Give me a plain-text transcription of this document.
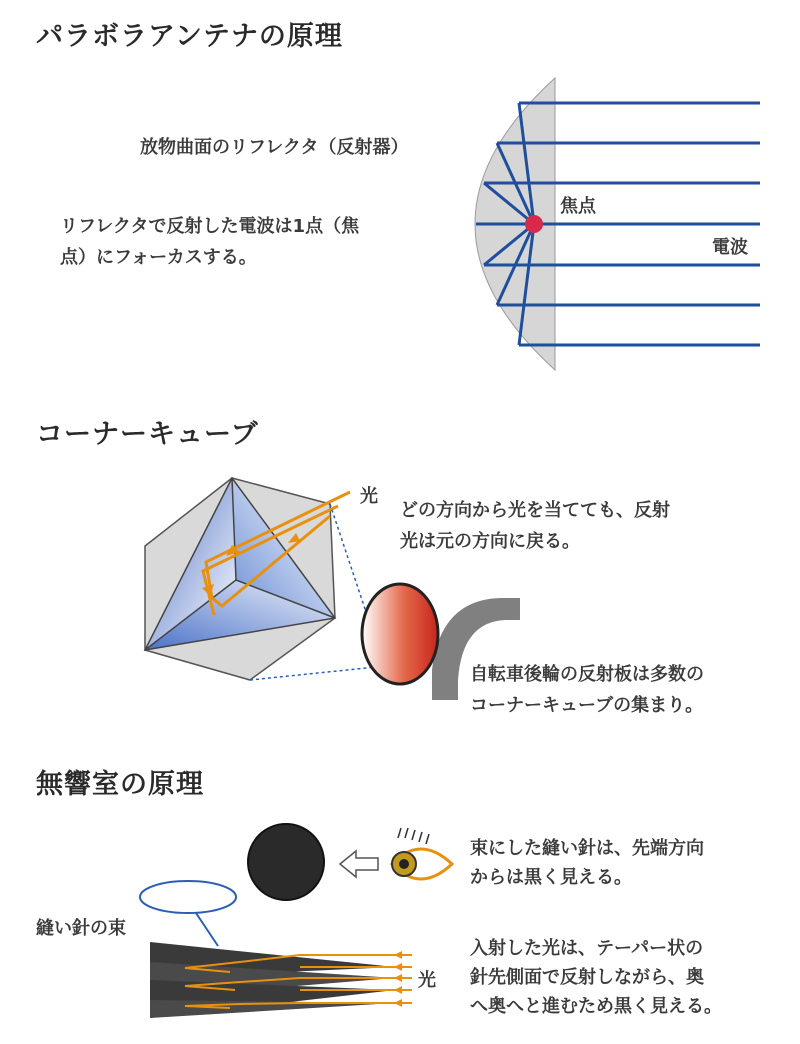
パラボラアンテナの原理
放物曲面のリフレクタ（反射器）
リフレクタで反射した電波は1点（焦
点）にフォーカスする。
焦点
電波
コーナーキューブ
光
どの方向から光を当てても、反射
光は元の方向に戻る。
自転車後輪の反射板は多数の
コーナーキューブの集まり。
無響室の原理
縫い針の束
束にした縫い針は、先端方向
からは黒く見える。
入射した光は、テーパー状の
針先側面で反射しながら、奥
へ奥へと進むため黒く見える。
光
